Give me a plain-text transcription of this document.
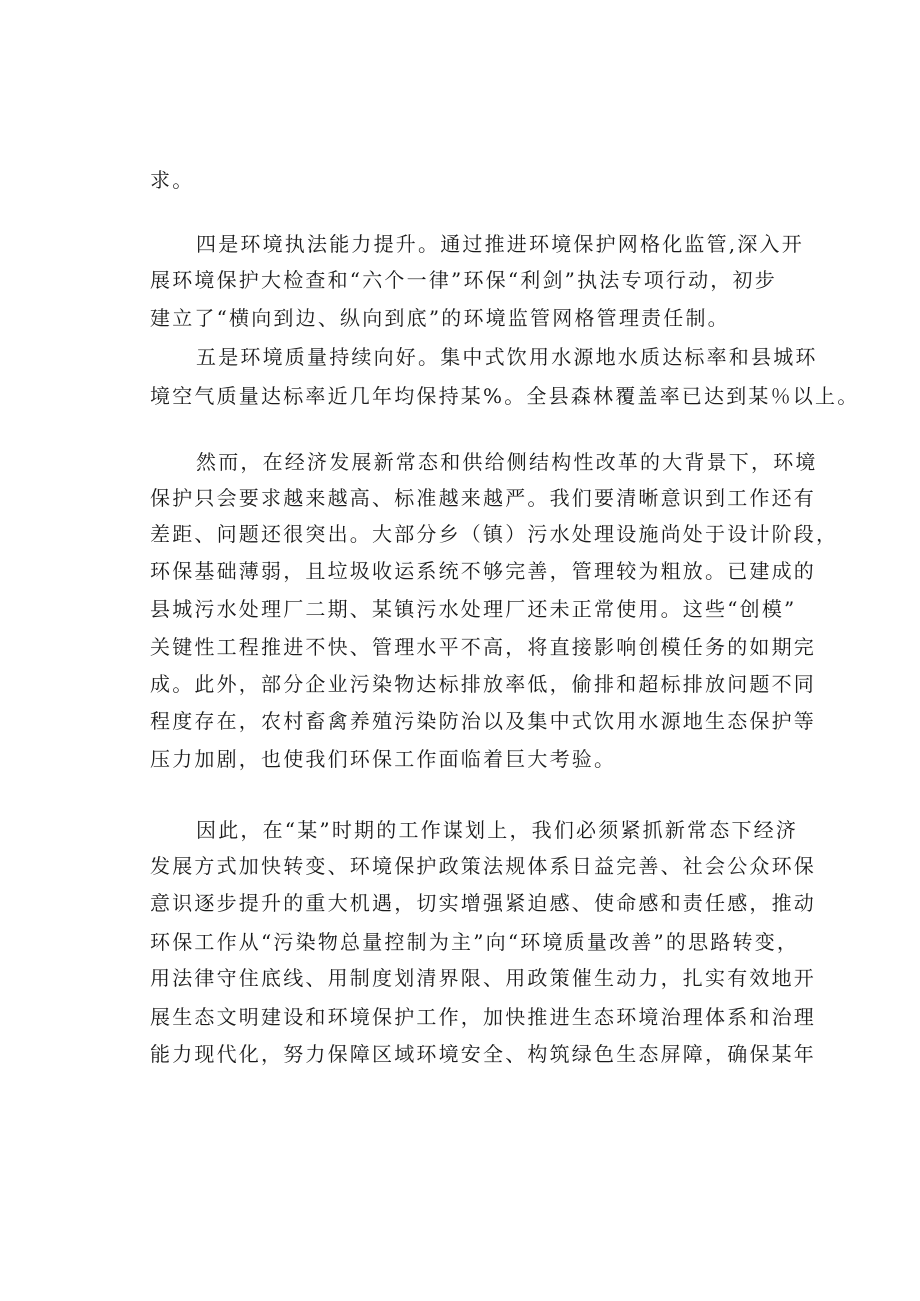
求。

四是环境执法能力提升。通过推进环境保护网格化监管,深入开

展环境保护大检查和“六个一律”环保“利剑”执法专项行动，初步

建立了“横向到边、纵向到底”的环境监管网格管理责任制。

五是环境质量持续向好。集中式饮用水源地水质达标率和县城环

境空气质量达标率近几年均保持某%。全县森林覆盖率已达到某％以上。

然而，在经济发展新常态和供给侧结构性改革的大背景下，环境

保护只会要求越来越高、标准越来越严。我们要清晰意识到工作还有

差距、问题还很突出。大部分乡（镇）污水处理设施尚处于设计阶段，

环保基础薄弱，且垃圾收运系统不够完善，管理较为粗放。已建成的

县城污水处理厂二期、某镇污水处理厂还未正常使用。这些“创模”

关键性工程推进不快、管理水平不高，将直接影响创模任务的如期完

成。此外，部分企业污染物达标排放率低，偷排和超标排放问题不同

程度存在，农村畜禽养殖污染防治以及集中式饮用水源地生态保护等

压力加剧，也使我们环保工作面临着巨大考验。

因此，在“某”时期的工作谋划上，我们必须紧抓新常态下经济

发展方式加快转变、环境保护政策法规体系日益完善、社会公众环保

意识逐步提升的重大机遇，切实增强紧迫感、使命感和责任感，推动

环保工作从“污染物总量控制为主”向“环境质量改善”的思路转变，

用法律守住底线、用制度划清界限、用政策催生动力，扎实有效地开

展生态文明建设和环境保护工作，加快推进生态环境治理体系和治理

能力现代化，努力保障区域环境安全、构筑绿色生态屏障，确保某年
